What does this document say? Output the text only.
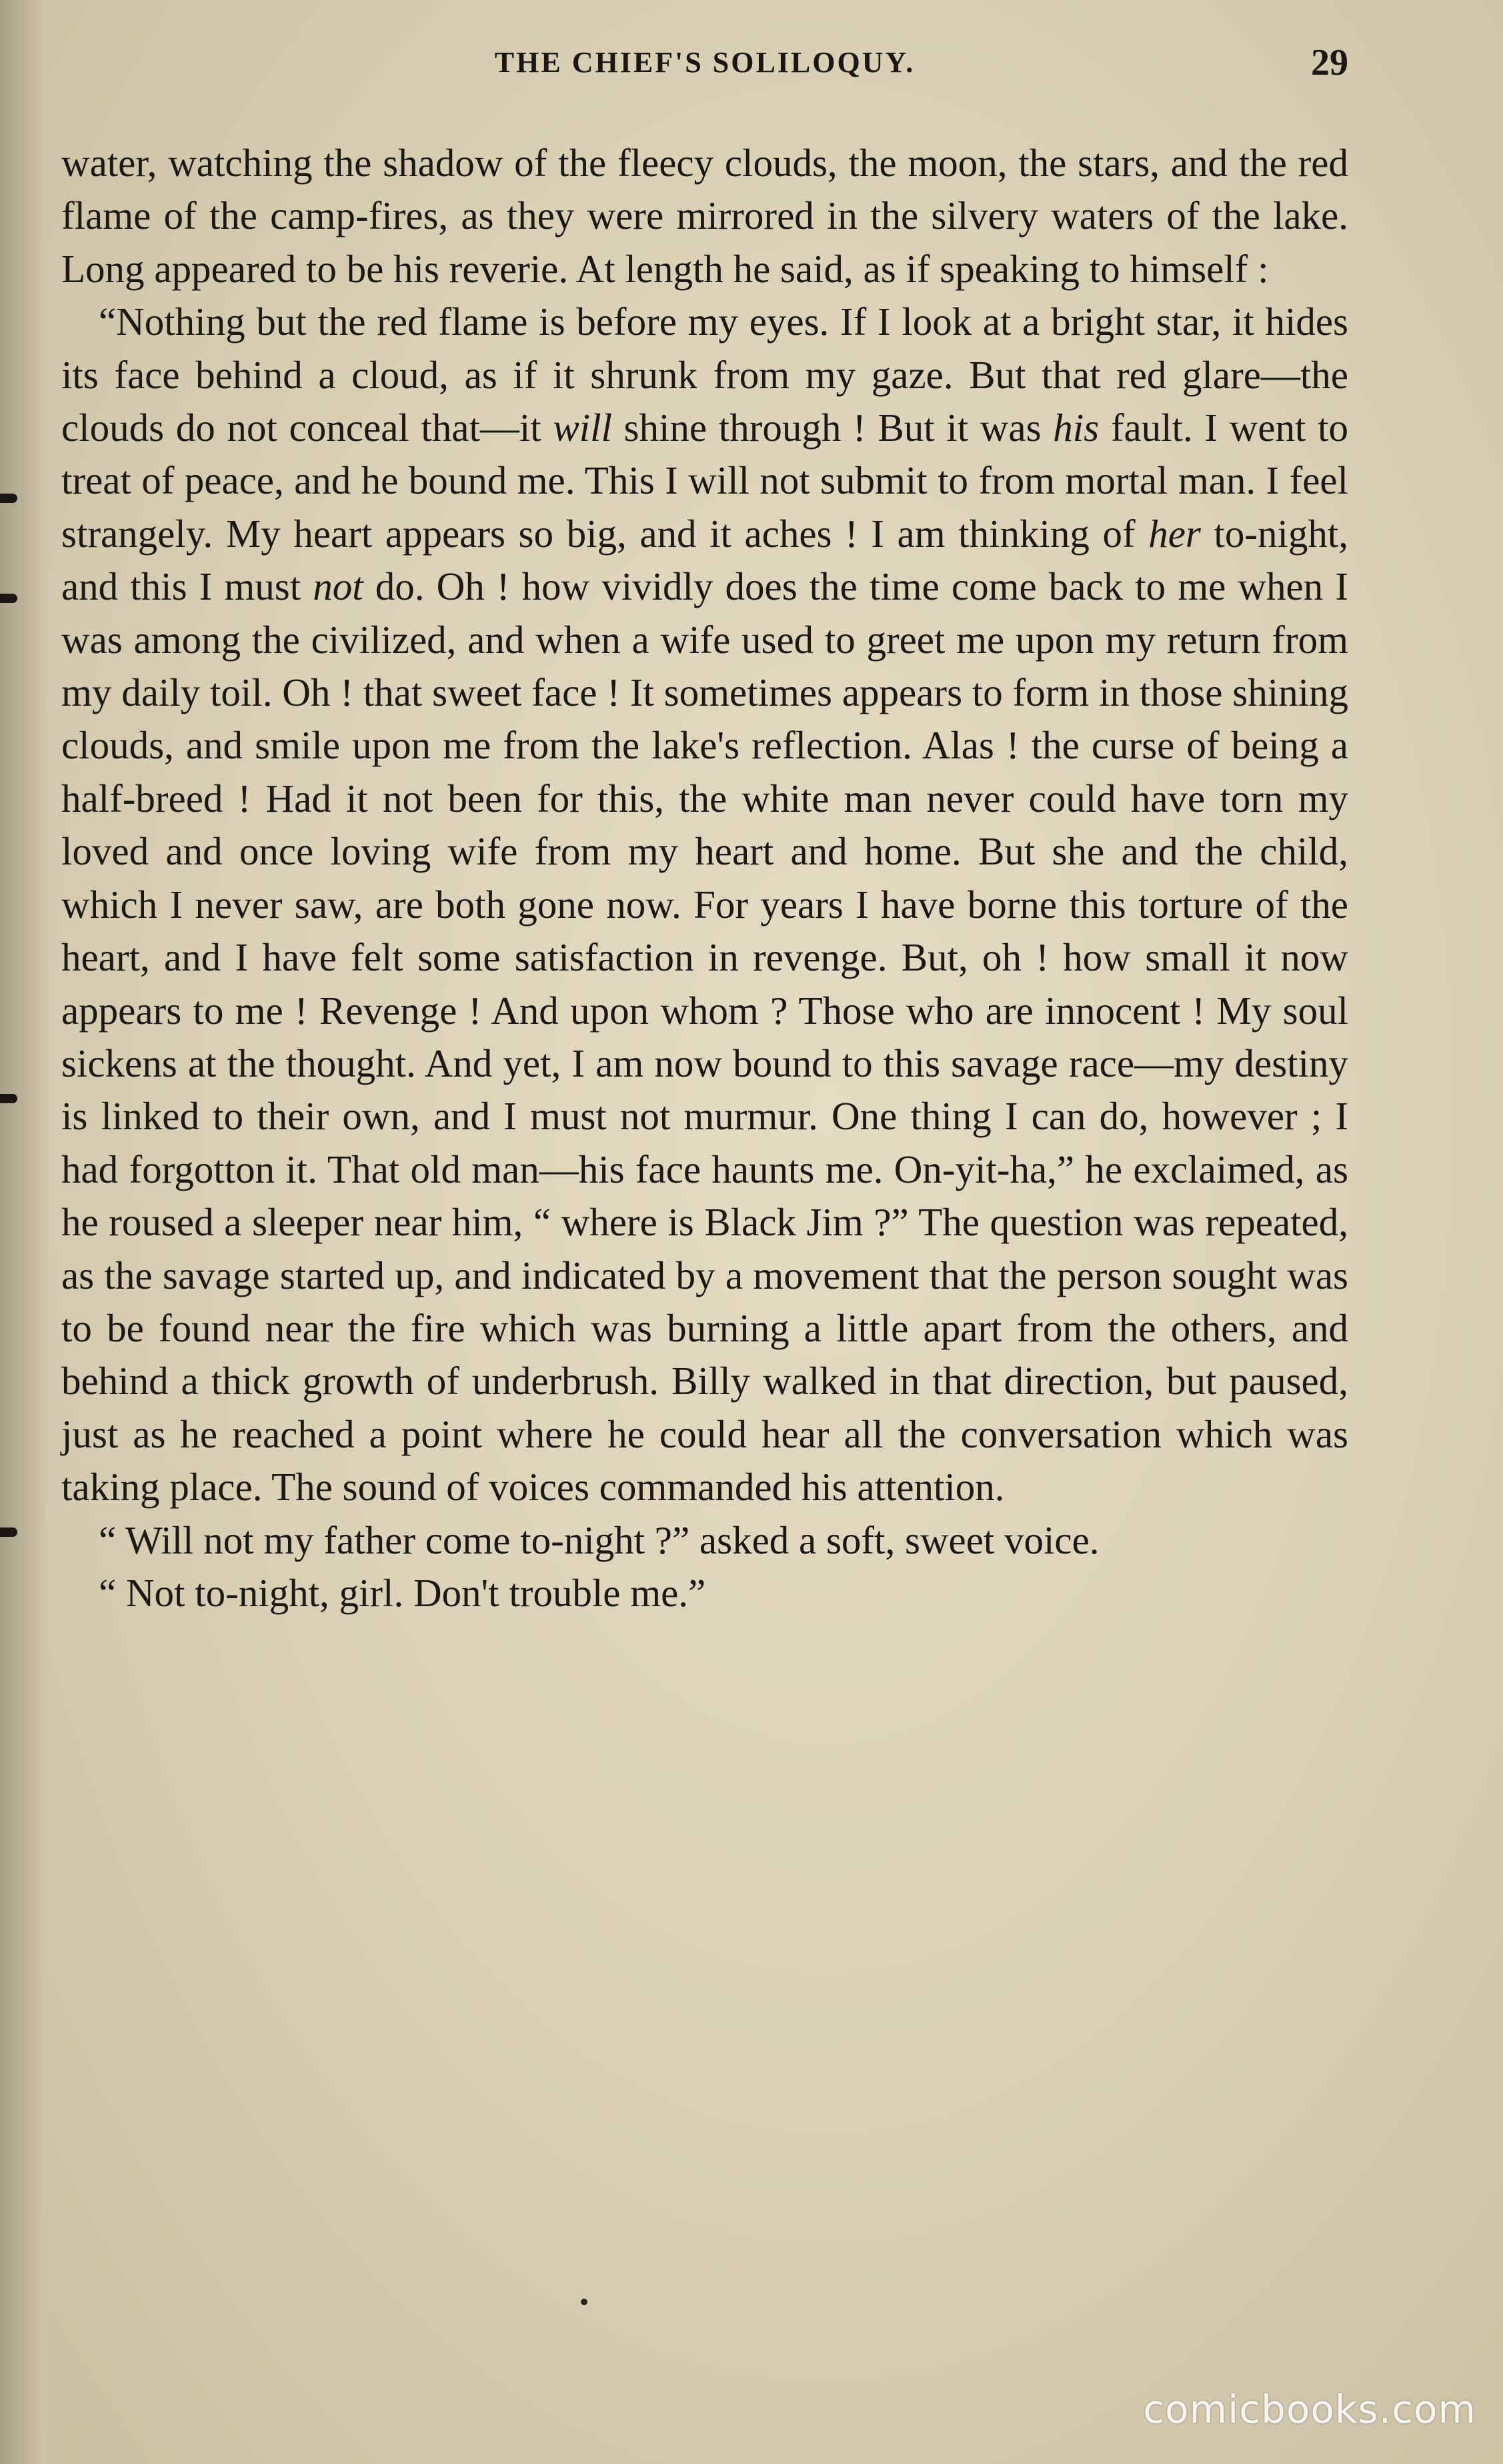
THE CHIEF'S SOLILOQUY.	29

water, watching the shadow of the fleecy clouds, the moon, the stars, and the red flame of the camp-fires, as they were mirrored in the silvery waters of the lake. Long appeared to be his reverie. At length he said, as if speaking to himself :

“Nothing but the red flame is before my eyes. If I look at a bright star, it hides its face behind a cloud, as if it shrunk from my gaze. But that red glare—the clouds do not conceal that—it will shine through ! But it was his fault. I went to treat of peace, and he bound me. This I will not submit to from mortal man. I feel strangely. My heart appears so big, and it aches ! I am thinking of her to-night, and this I must not do. Oh ! how vividly does the time come back to me when I was among the civilized, and when a wife used to greet me upon my return from my daily toil. Oh ! that sweet face ! It sometimes appears to form in those shining clouds, and smile upon me from the lake's reflection. Alas ! the curse of being a half-breed ! Had it not been for this, the white man never could have torn my loved and once loving wife from my heart and home. But she and the child, which I never saw, are both gone now. For years I have borne this torture of the heart, and I have felt some satisfaction in revenge. But, oh ! how small it now appears to me ! Revenge ! And upon whom ? Those who are innocent ! My soul sickens at the thought. And yet, I am now bound to this savage race—my destiny is linked to their own, and I must not murmur. One thing I can do, however ; I had forgotton it. That old man—his face haunts me. On-yit-ha,” he exclaimed, as he roused a sleeper near him, “ where is Black Jim ?” The question was repeated, as the savage started up, and indicated by a movement that the person sought was to be found near the fire which was burning a little apart from the others, and behind a thick growth of underbrush. Billy walked in that direction, but paused, just as he reached a point where he could hear all the conversation which was taking place. The sound of voices commanded his attention.

“ Will not my father come to-night ?” asked a soft, sweet voice.

“ Not to-night, girl. Don't trouble me.”

comicbooks.com
